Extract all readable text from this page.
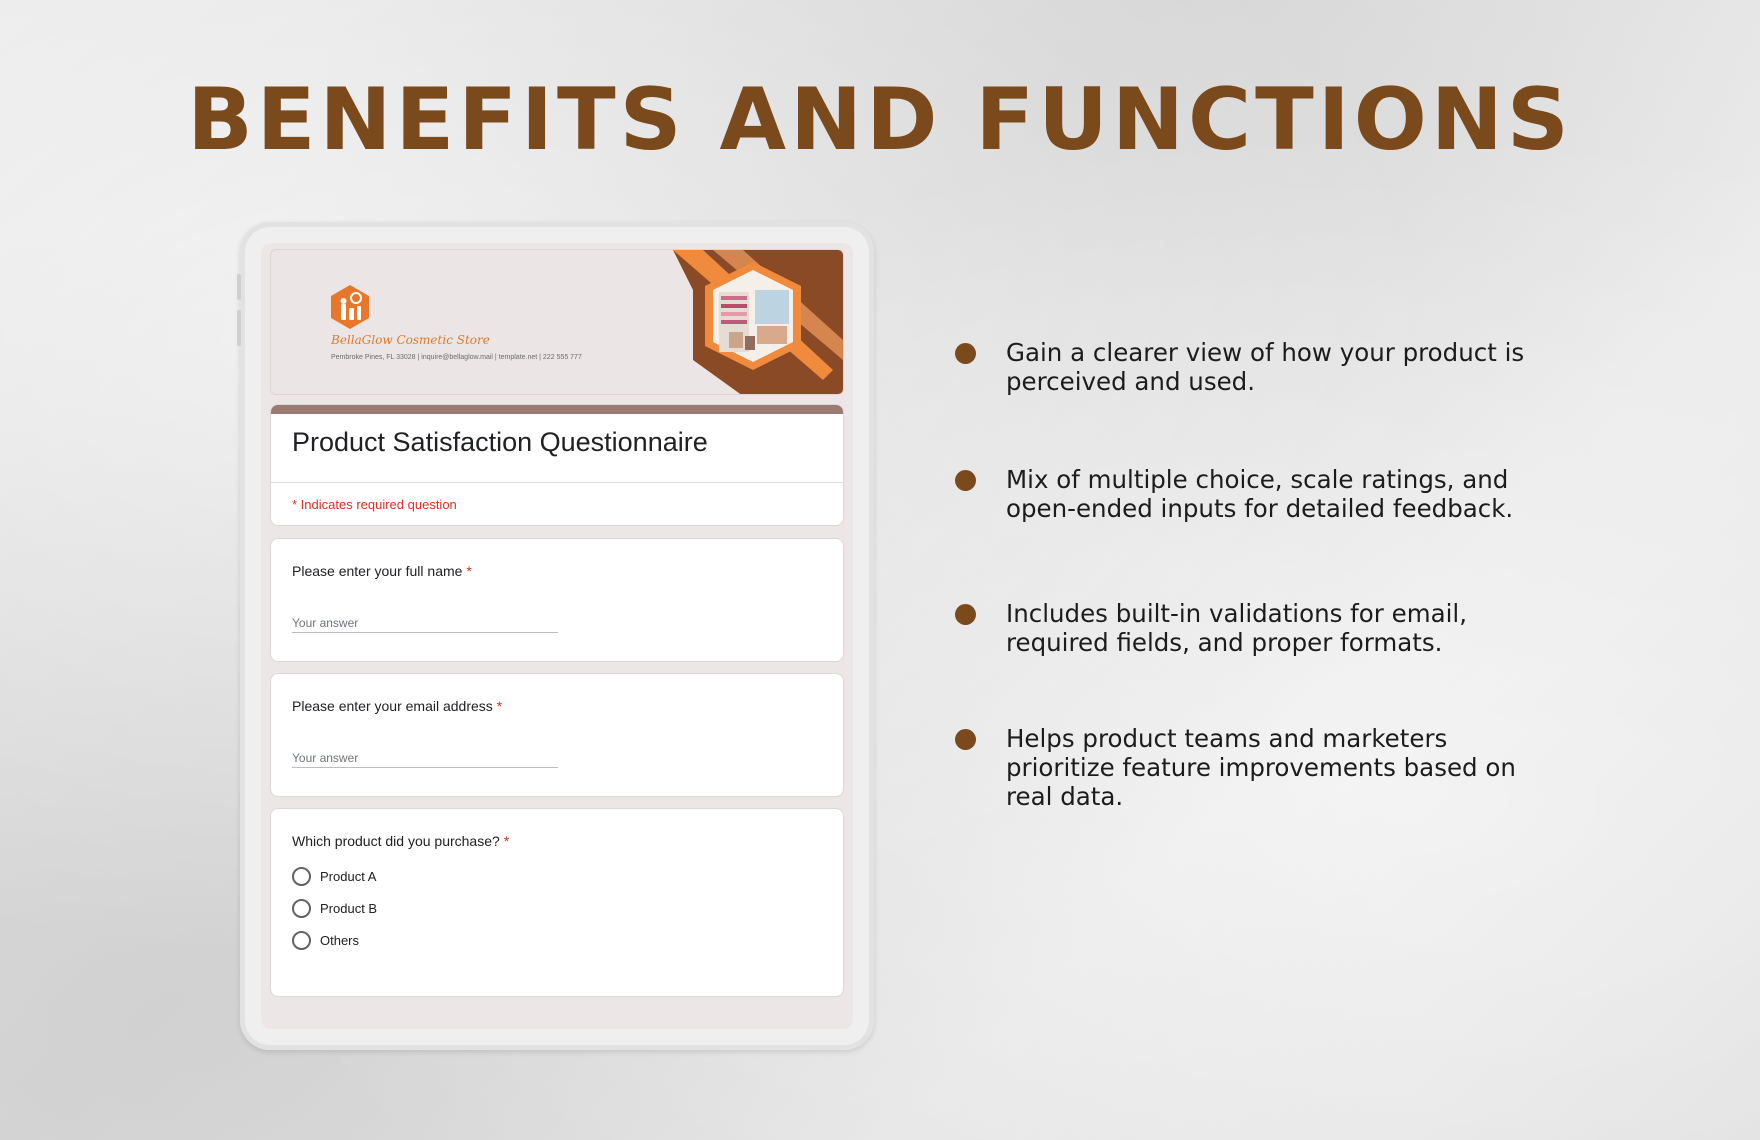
BENEFITS AND FUNCTIONS
BellaGlow Cosmetic Store
Pembroke Pines, FL 33028 | inquire@bellaglow.mail | template.net | 222 555 777
Product Satisfaction Questionnaire
* Indicates required question
Please enter your full name *
Your answer
Please enter your email address *
Your answer
Which product did you purchase? *
Product A
Product B
Others
Gain a clearer view of how your product is perceived and used.
Mix of multiple choice, scale ratings, and open-ended inputs for detailed feedback.
Includes built-in validations for email, required fields, and proper formats.
Helps product teams and marketers prioritize feature improvements based on real data.
